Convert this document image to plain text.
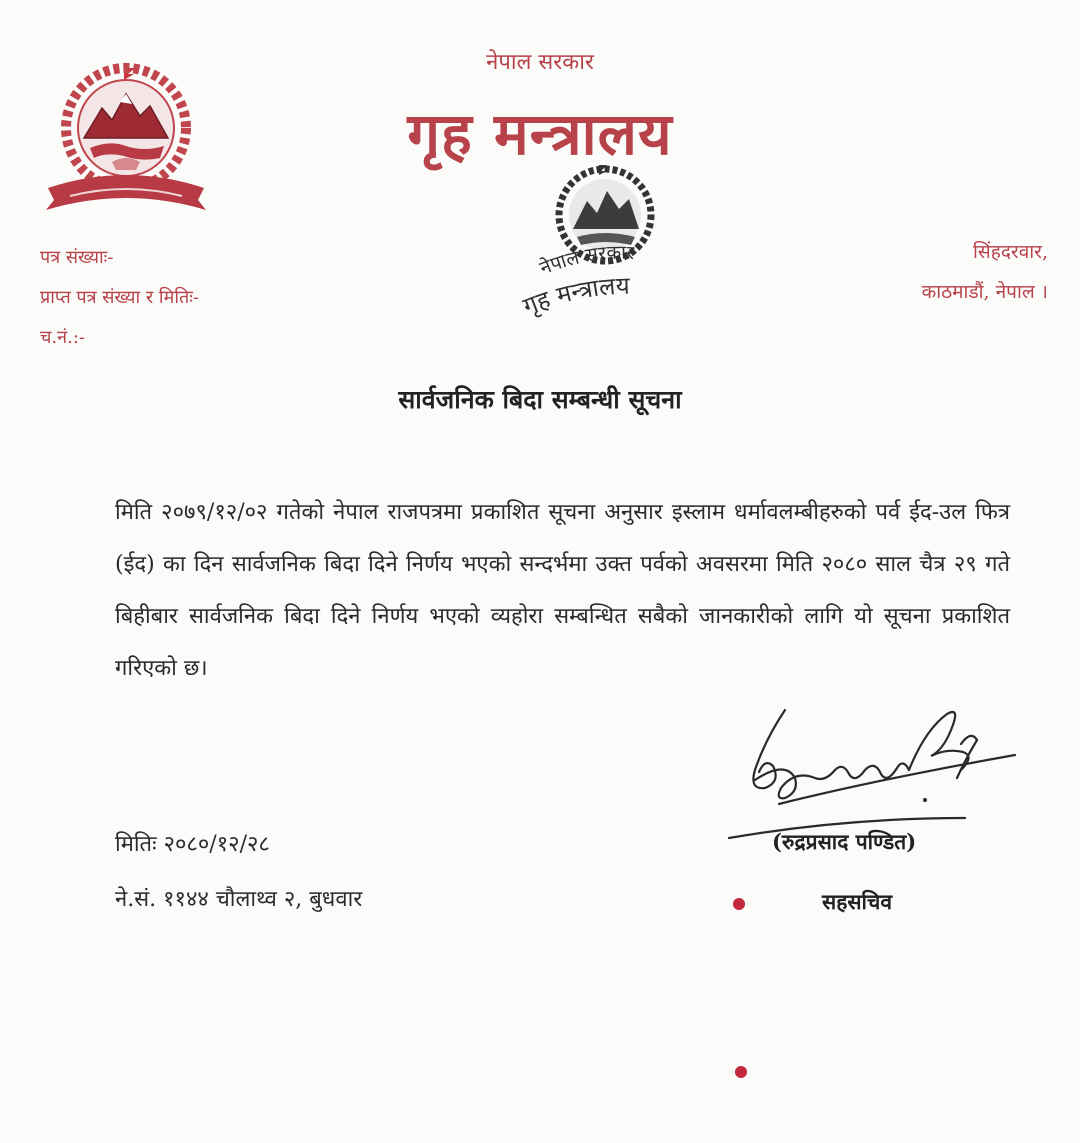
नेपाल सरकार
गृह मन्त्रालय
नेपाल सरकार
गृह मन्त्रालय
पत्र संख्याः-
प्राप्त पत्र संख्या र मितिः-
च.नं.:-
सिंहदरवार,
काठमाडौं, नेपाल ।
सार्वजनिक बिदा सम्बन्धी सूचना
मिति २०७९/१२/०२ गतेको नेपाल राजपत्रमा प्रकाशित सूचना अनुसार इस्लाम धर्मावलम्बीहरुको पर्व ईद-उल फित्र (ईद) का दिन सार्वजनिक बिदा दिने निर्णय भएको सन्दर्भमा उक्त पर्वको अवसरमा मिति २०८० साल चैत्र २९ गते बिहीबार सार्वजनिक बिदा दिने निर्णय भएको व्यहोरा सम्बन्धित सबैको जानकारीको लागि यो सूचना प्रकाशित गरिएको छ।
मितिः २०८०/१२/२८
ने.सं. ११४४ चौलाथ्व २, बुधवार
(रुद्रप्रसाद पण्डित)
सहसचिव
